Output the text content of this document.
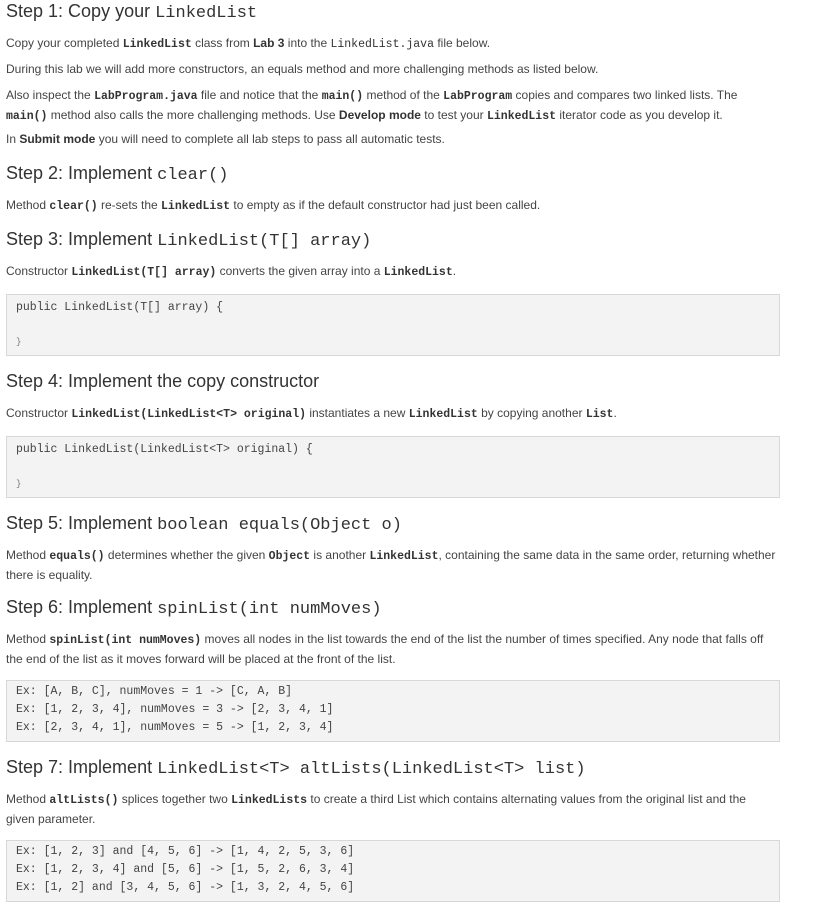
Step 1: Copy your LinkedList

Copy your completed LinkedList class from Lab 3 into the LinkedList.java file below.

During this lab we will add more constructors, an equals method and more challenging methods as listed below.

Also inspect the LabProgram.java file and notice that the main() method of the LabProgram copies and compares two linked lists. The main() method also calls the more challenging methods. Use Develop mode to test your LinkedList iterator code as you develop it.

In Submit mode you will need to complete all lab steps to pass all automatic tests.

Step 2: Implement clear()

Method clear() re-sets the LinkedList to empty as if the default constructor had just been called.

Step 3: Implement LinkedList(T[] array)

Constructor LinkedList(T[] array) converts the given array into a LinkedList.

public LinkedList(T[] array) {
}
Step 4: Implement the copy constructor

Constructor LinkedList(LinkedList<T> original) instantiates a new LinkedList by copying another List.

public LinkedList(LinkedList<T> original) {
}
Step 5: Implement boolean equals(Object o)

Method equals() determines whether the given Object is another LinkedList, containing the same data in the same order, returning whether there is equality.

Step 6: Implement spinList(int numMoves)

Method spinList(int numMoves) moves all nodes in the list towards the end of the list the number of times specified. Any node that falls off the end of the list as it moves forward will be placed at the front of the list.

Ex: [A, B, C], numMoves = 1 -> [C, A, B]
Ex: [1, 2, 3, 4], numMoves = 3 -> [2, 3, 4, 1]
Ex: [2, 3, 4, 1], numMoves = 5 -> [1, 2, 3, 4]
Step 7: Implement LinkedList<T> altLists(LinkedList<T> list)

Method altLists() splices together two LinkedLists to create a third List which contains alternating values from the original list and the given parameter.

Ex: [1, 2, 3] and [4, 5, 6] -> [1, 4, 2, 5, 3, 6]
Ex: [1, 2, 3, 4] and [5, 6] -> [1, 5, 2, 6, 3, 4]
Ex: [1, 2] and [3, 4, 5, 6] -> [1, 3, 2, 4, 5, 6]
